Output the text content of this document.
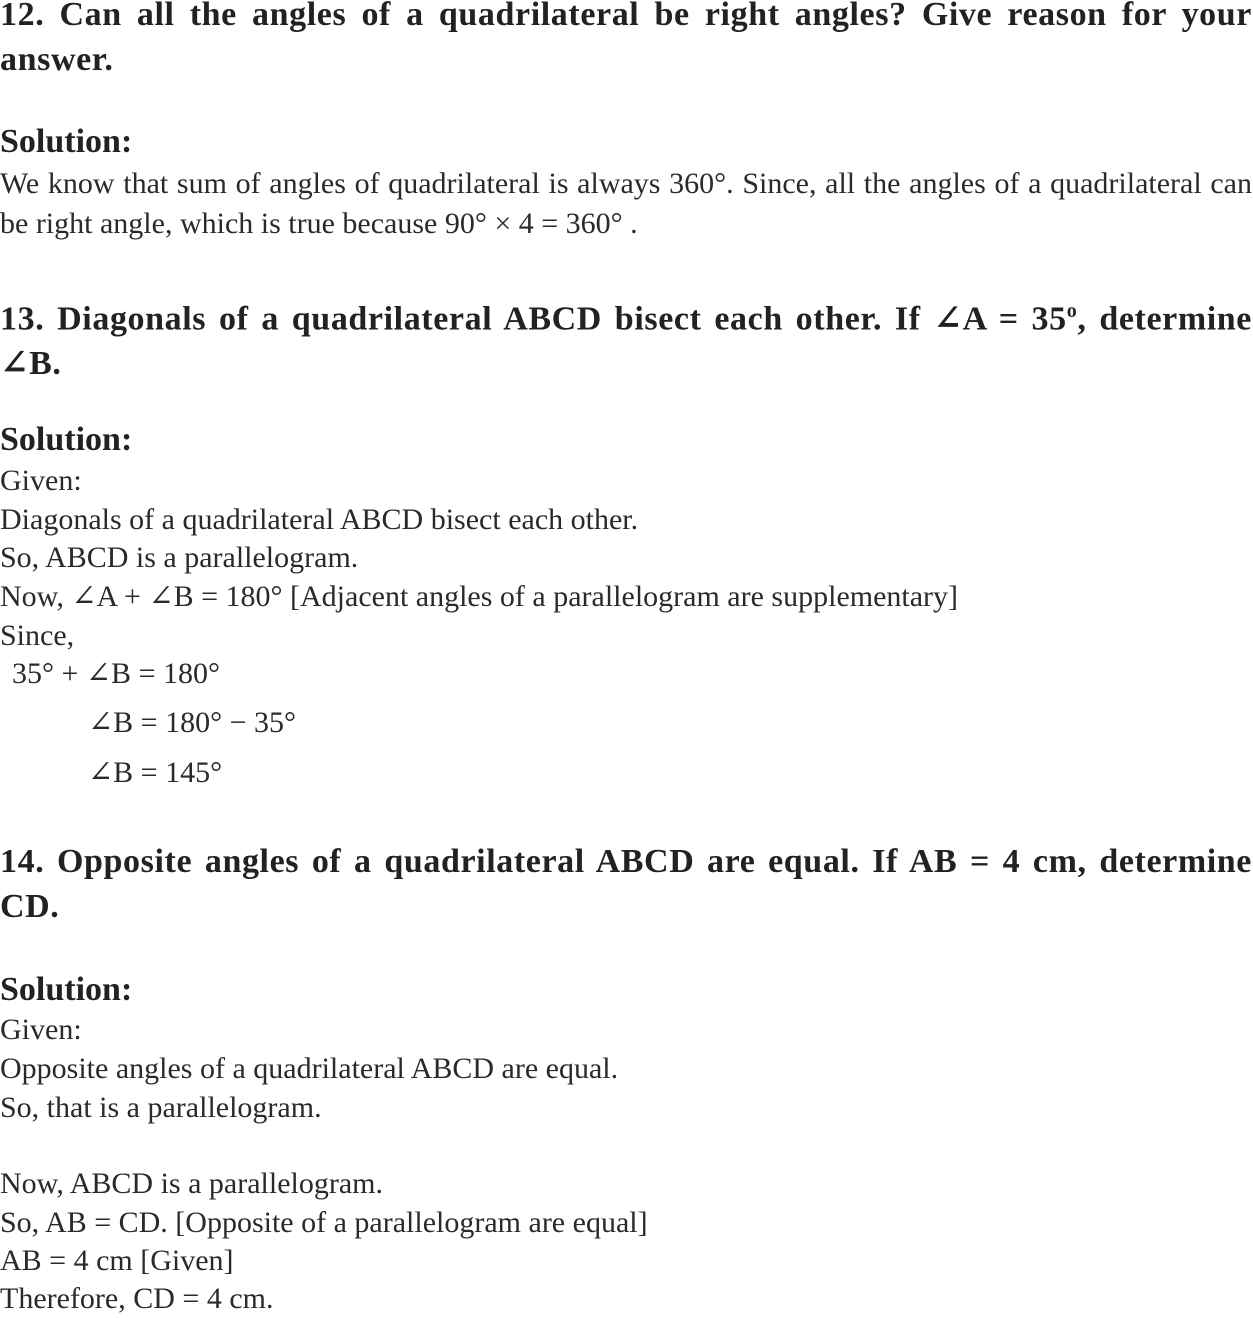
12. Can all the angles of a quadrilateral be right angles? Give reason for your answer.

Solution:

We know that sum of angles of quadrilateral is always 360°. Since, all the angles of a quadrilateral can be right angle, which is true because 90° × 4 = 360° .

13. Diagonals of a quadrilateral ABCD bisect each other. If ∠A = $35^o$, determine ∠B.

Solution:

Given:

Diagonals of a quadrilateral ABCD bisect each other.

So, ABCD is a parallelogram.

Now, ∠A + ∠B = 180° [Adjacent angles of a parallelogram are supplementary]

Since,

35° + ∠B = 180°

∠B = 180° − 35°

∠B = 145°

14. Opposite angles of a quadrilateral ABCD are equal. If AB = 4 cm, determine CD.

Solution:

Given:

Opposite angles of a quadrilateral ABCD are equal.

So, that is a parallelogram.

Now, ABCD is a parallelogram.

So, AB = CD. [Opposite of a parallelogram are equal]

AB = 4 cm [Given]

Therefore, CD = 4 cm.
